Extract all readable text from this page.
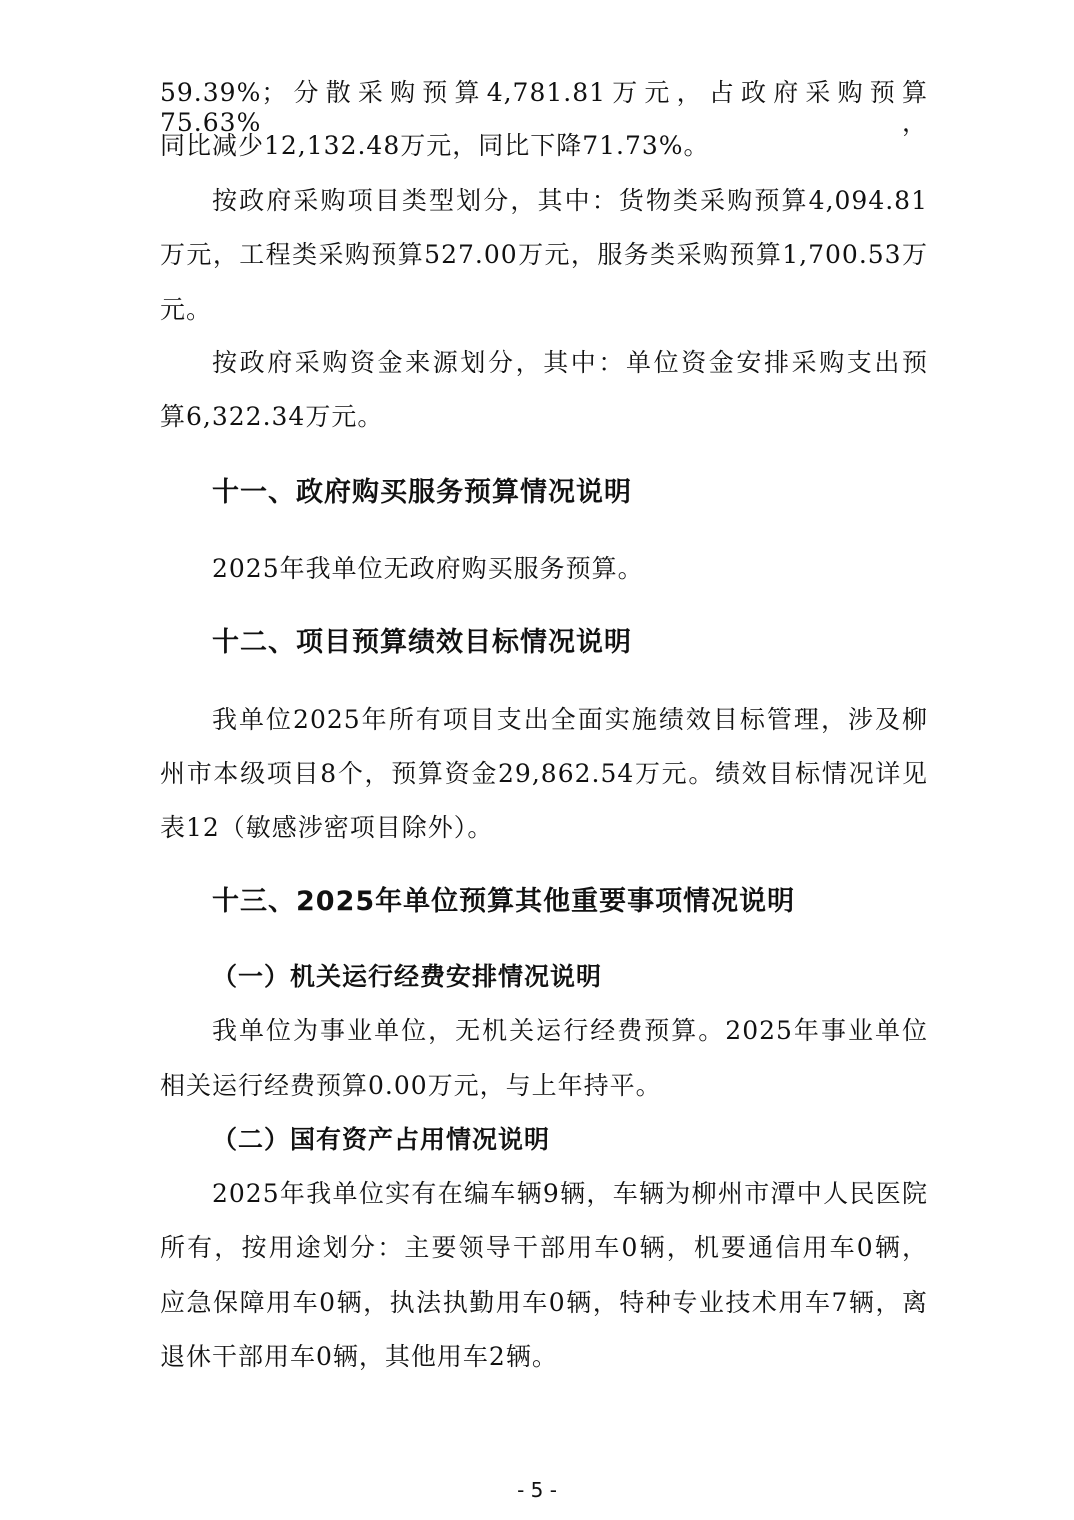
59.39%；分散采购预算4,781.81万元，占政府采购预算75.63%，
同比减少12,132.48万元，同比下降71.73%。
按政府采购项目类型划分，其中：货物类采购预算4,094.81
万元，工程类采购预算527.00万元，服务类采购预算1,700.53万
元。
按政府采购资金来源划分，其中：单位资金安排采购支出预
算6,322.34万元。
十一、政府购买服务预算情况说明
2025年我单位无政府购买服务预算。
十二、项目预算绩效目标情况说明
我单位2025年所有项目支出全面实施绩效目标管理，涉及柳
州市本级项目8个，预算资金29,862.54万元。绩效目标情况详见
表12（敏感涉密项目除外）。
十三、2025年单位预算其他重要事项情况说明
（一）机关运行经费安排情况说明
我单位为事业单位，无机关运行经费预算。2025年事业单位
相关运行经费预算0.00万元，与上年持平。
（二）国有资产占用情况说明
2025年我单位实有在编车辆9辆，车辆为柳州市潭中人民医院
所有，按用途划分：主要领导干部用车0辆，机要通信用车0辆，
应急保障用车0辆，执法执勤用车0辆，特种专业技术用车7辆，离
退休干部用车0辆，其他用车2辆。
- 5 -
